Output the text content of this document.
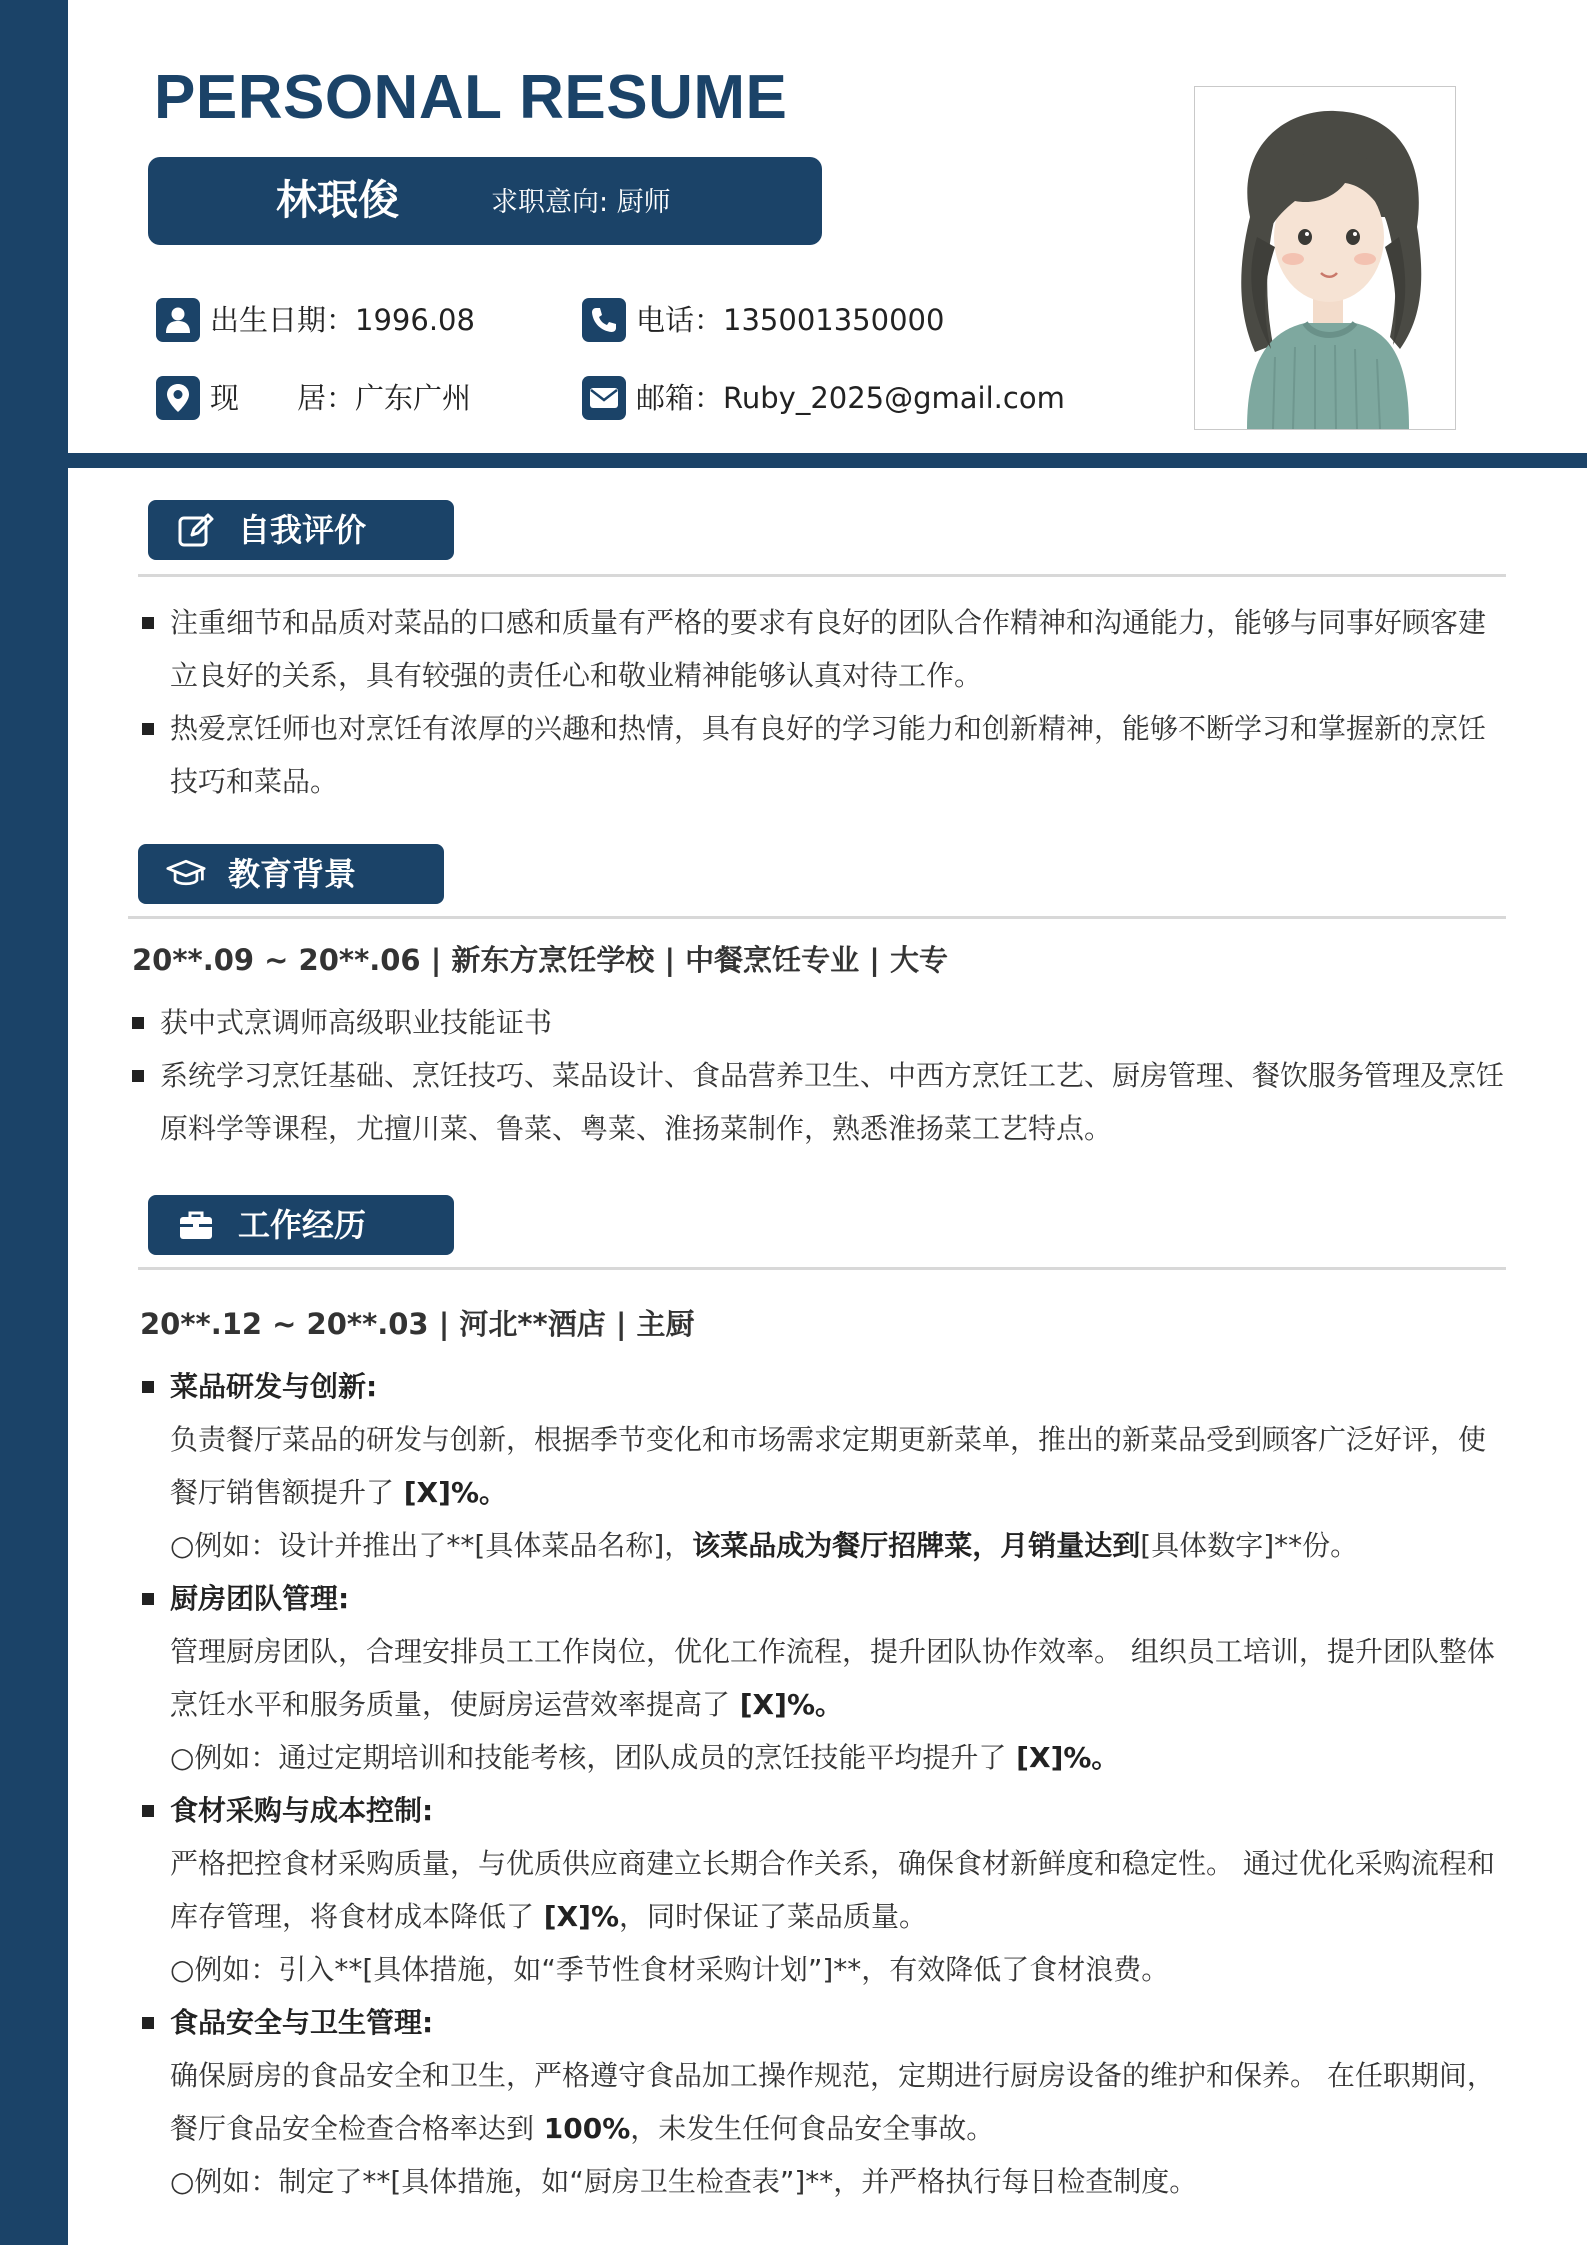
PERSONAL RESUME
林珉俊	求职意向: 厨师
出生日期： 1996.08	电话： 135001350000
现　　居： 广东广州	邮箱： Ruby_2025@gmail.com
自我评价
注重细节和品质对菜品的口感和质量有严格的要求有良好的团队合作精神和沟通能力，能够与同事好顾客建立良好的关系，具有较强的责任心和敬业精神能够认真对待工作。
热爱烹饪师也对烹饪有浓厚的兴趣和热情，具有良好的学习能力和创新精神，能够不断学习和掌握新的烹饪技巧和菜品。
教育背景
20**.09 ~ 20**.06 | 新东方烹饪学校 | 中餐烹饪专业 | 大专
获中式烹调师高级职业技能证书
系统学习烹饪基础、烹饪技巧、菜品设计、食品营养卫生、中西方烹饪工艺、厨房管理、餐饮服务管理及烹饪原料学等课程，尤擅川菜、鲁菜、粤菜、淮扬菜制作，熟悉淮扬菜工艺特点。
工作经历
20**.12 ~ 20**.03 | 河北**酒店 | 主厨
菜品研发与创新:
负责餐厅菜品的研发与创新，根据季节变化和市场需求定期更新菜单，推出的新菜品受到顾客广泛好评，使餐厅销售额提升了 [X]%。
○例如：设计并推出了**[具体菜品名称]，该菜品成为餐厅招牌菜，月销量达到[具体数字]**份。
厨房团队管理:
管理厨房团队，合理安排员工工作岗位，优化工作流程，提升团队协作效率。 组织员工培训，提升团队整体烹饪水平和服务质量，使厨房运营效率提高了 [X]%。
○例如：通过定期培训和技能考核，团队成员的烹饪技能平均提升了 [X]%。
食材采购与成本控制:
严格把控食材采购质量，与优质供应商建立长期合作关系，确保食材新鲜度和稳定性。 通过优化采购流程和库存管理，将食材成本降低了 [X]%，同时保证了菜品质量。
○例如：引入**[具体措施，如“季节性食材采购计划”]**，有效降低了食材浪费。
食品安全与卫生管理:
确保厨房的食品安全和卫生，严格遵守食品加工操作规范，定期进行厨房设备的维护和保养。 在任职期间，餐厅食品安全检查合格率达到 100%，未发生任何食品安全事故。
○例如：制定了**[具体措施，如“厨房卫生检查表”]**，并严格执行每日检查制度。
